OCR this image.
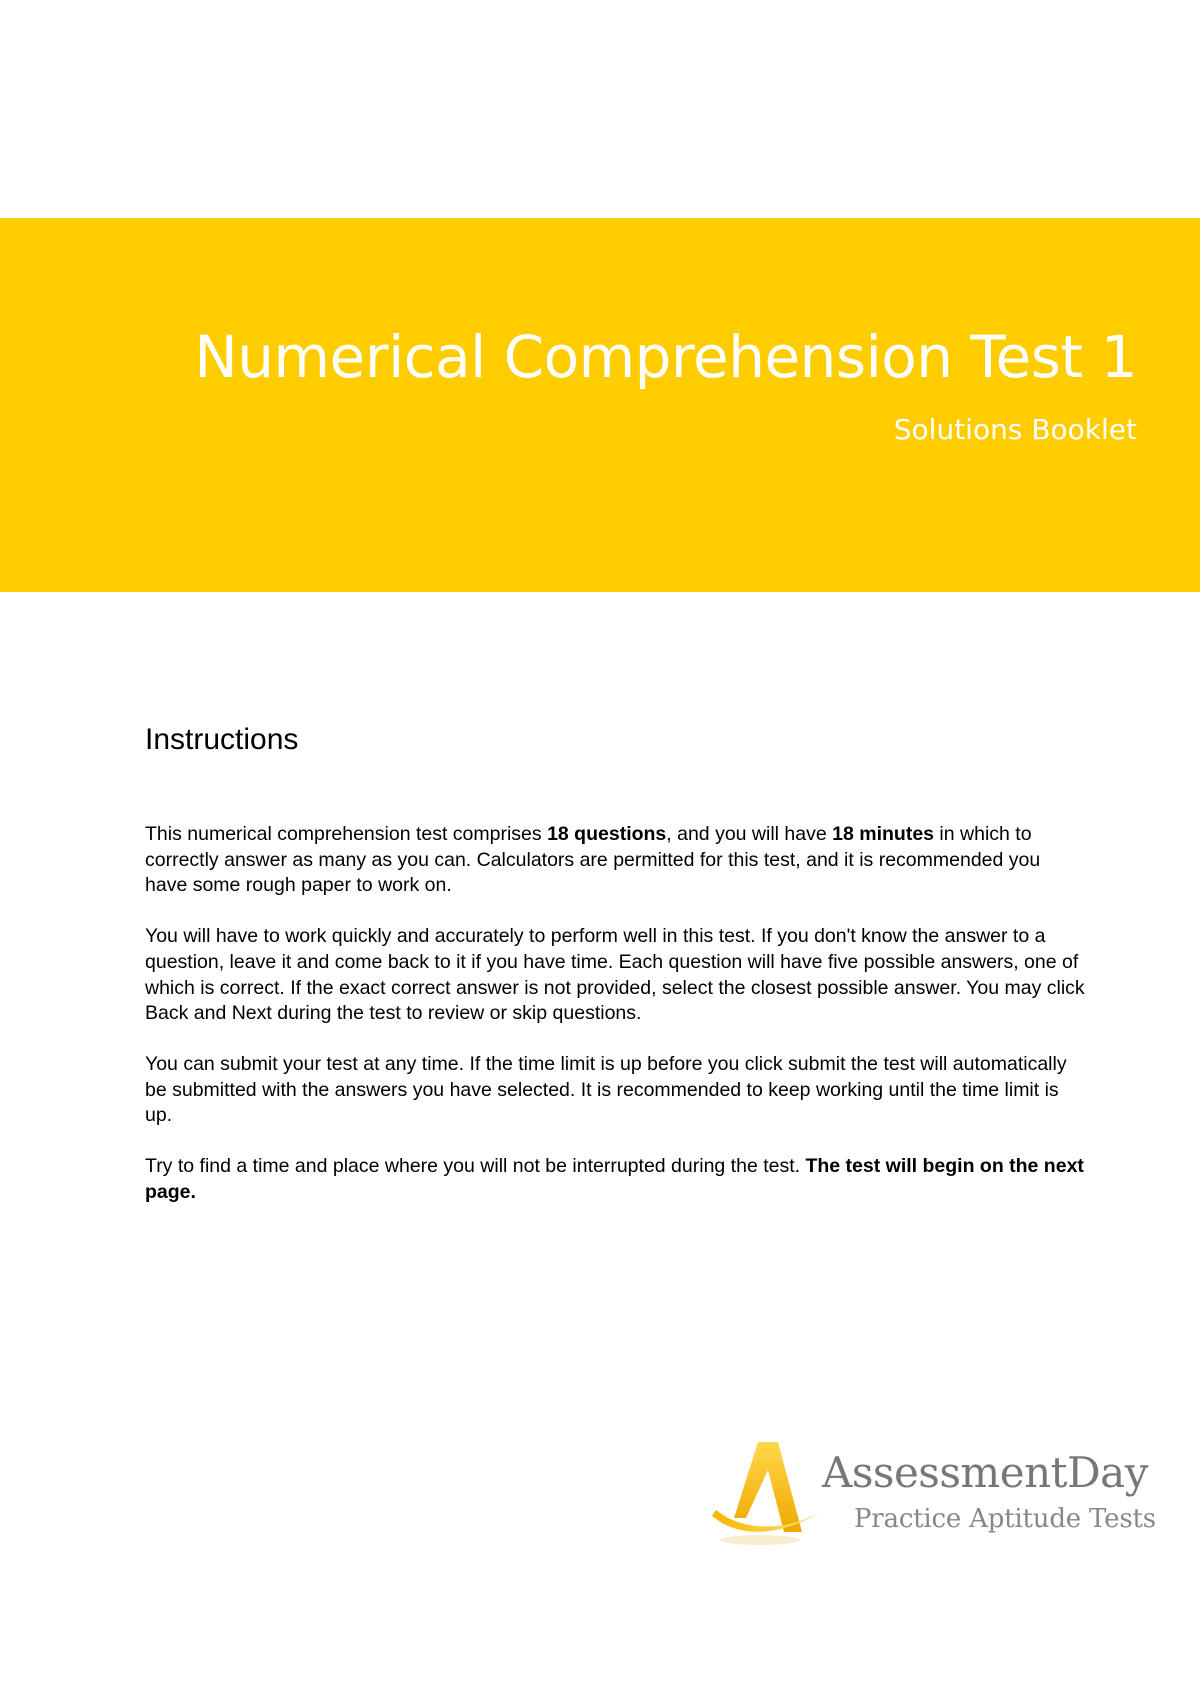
Numerical Comprehension Test 1
Solutions Booklet
Instructions

This numerical comprehension test comprises 18 questions, and you will have 18 minutes in which to correctly answer as many as you can. Calculators are permitted for this test, and it is recommended you have some rough paper to work on.

You will have to work quickly and accurately to perform well in this test. If you don't know the answer to a question, leave it and come back to it if you have time. Each question will have five possible answers, one of which is correct. If the exact correct answer is not provided, select the closest possible answer. You may click Back and Next during the test to review or skip questions.

You can submit your test at any time. If the time limit is up before you click submit the test will automatically be submitted with the answers you have selected. It is recommended to keep working until the time limit is up.

Try to find a time and place where you will not be interrupted during the test. The test will begin on the next page.

AssessmentDay
Practice Aptitude Tests
